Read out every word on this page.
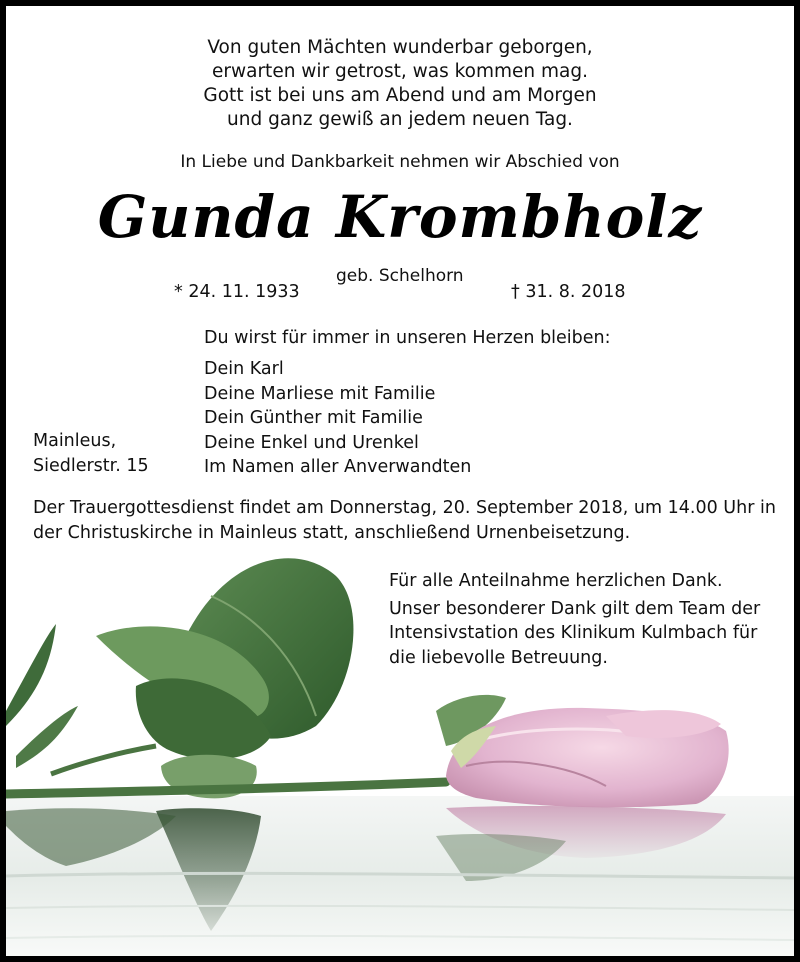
Von guten Mächten wunderbar geborgen,
erwarten wir getrost, was kommen mag.
Gott ist bei uns am Abend und am Morgen
und ganz gewiß an jedem neuen Tag.
In Liebe und Dankbarkeit nehmen wir Abschied von
Gunda Krombholz
geb. Schelhorn
* 24. 11. 1933	† 31. 8. 2018
Du wirst für immer in unseren Herzen bleiben:
Dein Karl
Deine Marliese mit Familie
Dein Günther mit Familie
Deine Enkel und Urenkel
Im Namen aller Anverwandten
Mainleus,
Siedlerstr. 15
Der Trauergottesdienst findet am Donnerstag, 20. September 2018, um 14.00 Uhr in
der Christuskirche in Mainleus statt, anschließend Urnenbeisetzung.
Für alle Anteilnahme herzlichen Dank.
Unser besonderer Dank gilt dem Team der
Intensivstation des Klinikum Kulmbach für
die liebevolle Betreuung.
